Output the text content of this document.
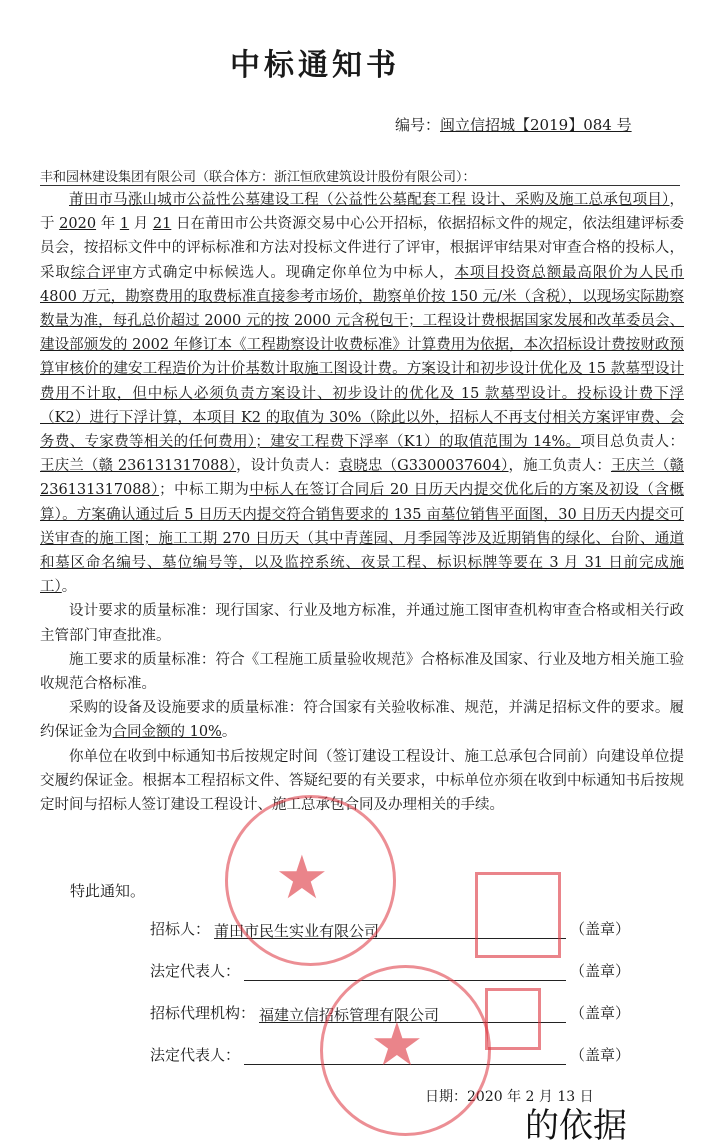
中标通知书
编号：闽立信招城【2019】084 号
丰和园林建设集团有限公司（联合体方：浙江恒欣建筑设计股份有限公司）：

莆田市马涨山城市公益性公墓建设工程（公益性公墓配套工程 设计、采购及施工总承包项目），于 2020 年 1 月 21 日在莆田市公共资源交易中心公开招标，依据招标文件的规定，依法组建评标委员会，按招标文件中的评标标准和方法对投标文件进行了评审，根据评审结果对审查合格的投标人，采取综合评审方式确定中标候选人。现确定你单位为中标人，本项目投资总额最高限价为人民币 4800 万元，勘察费用的取费标准直接参考市场价，勘察单价按 150 元/米（含税），以现场实际勘察数量为准，每孔总价超过 2000 元的按 2000 元含税包干；工程设计费根据国家发展和改革委员会、建设部颁发的 2002 年修订本《工程勘察设计收费标准》计算费用为依据，本次招标设计费按财政预算审核价的建安工程造价为计价基数计取施工图设计费。方案设计和初步设计优化及 15 款墓型设计费用不计取，但中标人必须负责方案设计、初步设计的优化及 15 款墓型设计。投标设计费下浮（K2）进行下浮计算，本项目 K2 的取值为 30%（除此以外，招标人不再支付相关方案评审费、会务费、专家费等相关的任何费用）；建安工程费下浮率（K1）的取值范围为 14%。项目总负责人：王庆兰（赣 236131317088），设计负责人：袁晓忠（G3300037604），施工负责人：王庆兰（赣 236131317088）；中标工期为中标人在签订合同后 20 日历天内提交优化后的方案及初设（含概算）。方案确认通过后 5 日历天内提交符合销售要求的 135 亩墓位销售平面图，30 日历天内提交可送审查的施工图；施工工期 270 日历天（其中青莲园、月季园等涉及近期销售的绿化、台阶、通道和墓区命名编号、墓位编号等，以及监控系统、夜景工程、标识标牌等要在 3 月 31 日前完成施工）。

设计要求的质量标准：现行国家、行业及地方标准，并通过施工图审查机构审查合格或相关行政主管部门审查批准。

施工要求的质量标准：符合《工程施工质量验收规范》合格标准及国家、行业及地方相关施工验收规范合格标准。

采购的设备及设施要求的质量标准：符合国家有关验收标准、规范，并满足招标文件的要求。履约保证金为合同金额的 10%。

你单位在收到中标通知书后按规定时间（签订建设工程设计、施工总承包合同前）向建设单位提交履约保证金。根据本工程招标文件、答疑纪要的有关要求，中标单位亦须在收到中标通知书后按规定时间与招标人签订建设工程设计、施工总承包合同及办理相关的手续。

特此通知。
招标人： 莆田市民生实业有限公司	（盖章）
法定代表人：	（盖章）
招标代理机构： 福建立信招标管理有限公司	（盖章）
法定代表人：	（盖章）
日期：2020 年 2 月 13 日
★
★
的依据
